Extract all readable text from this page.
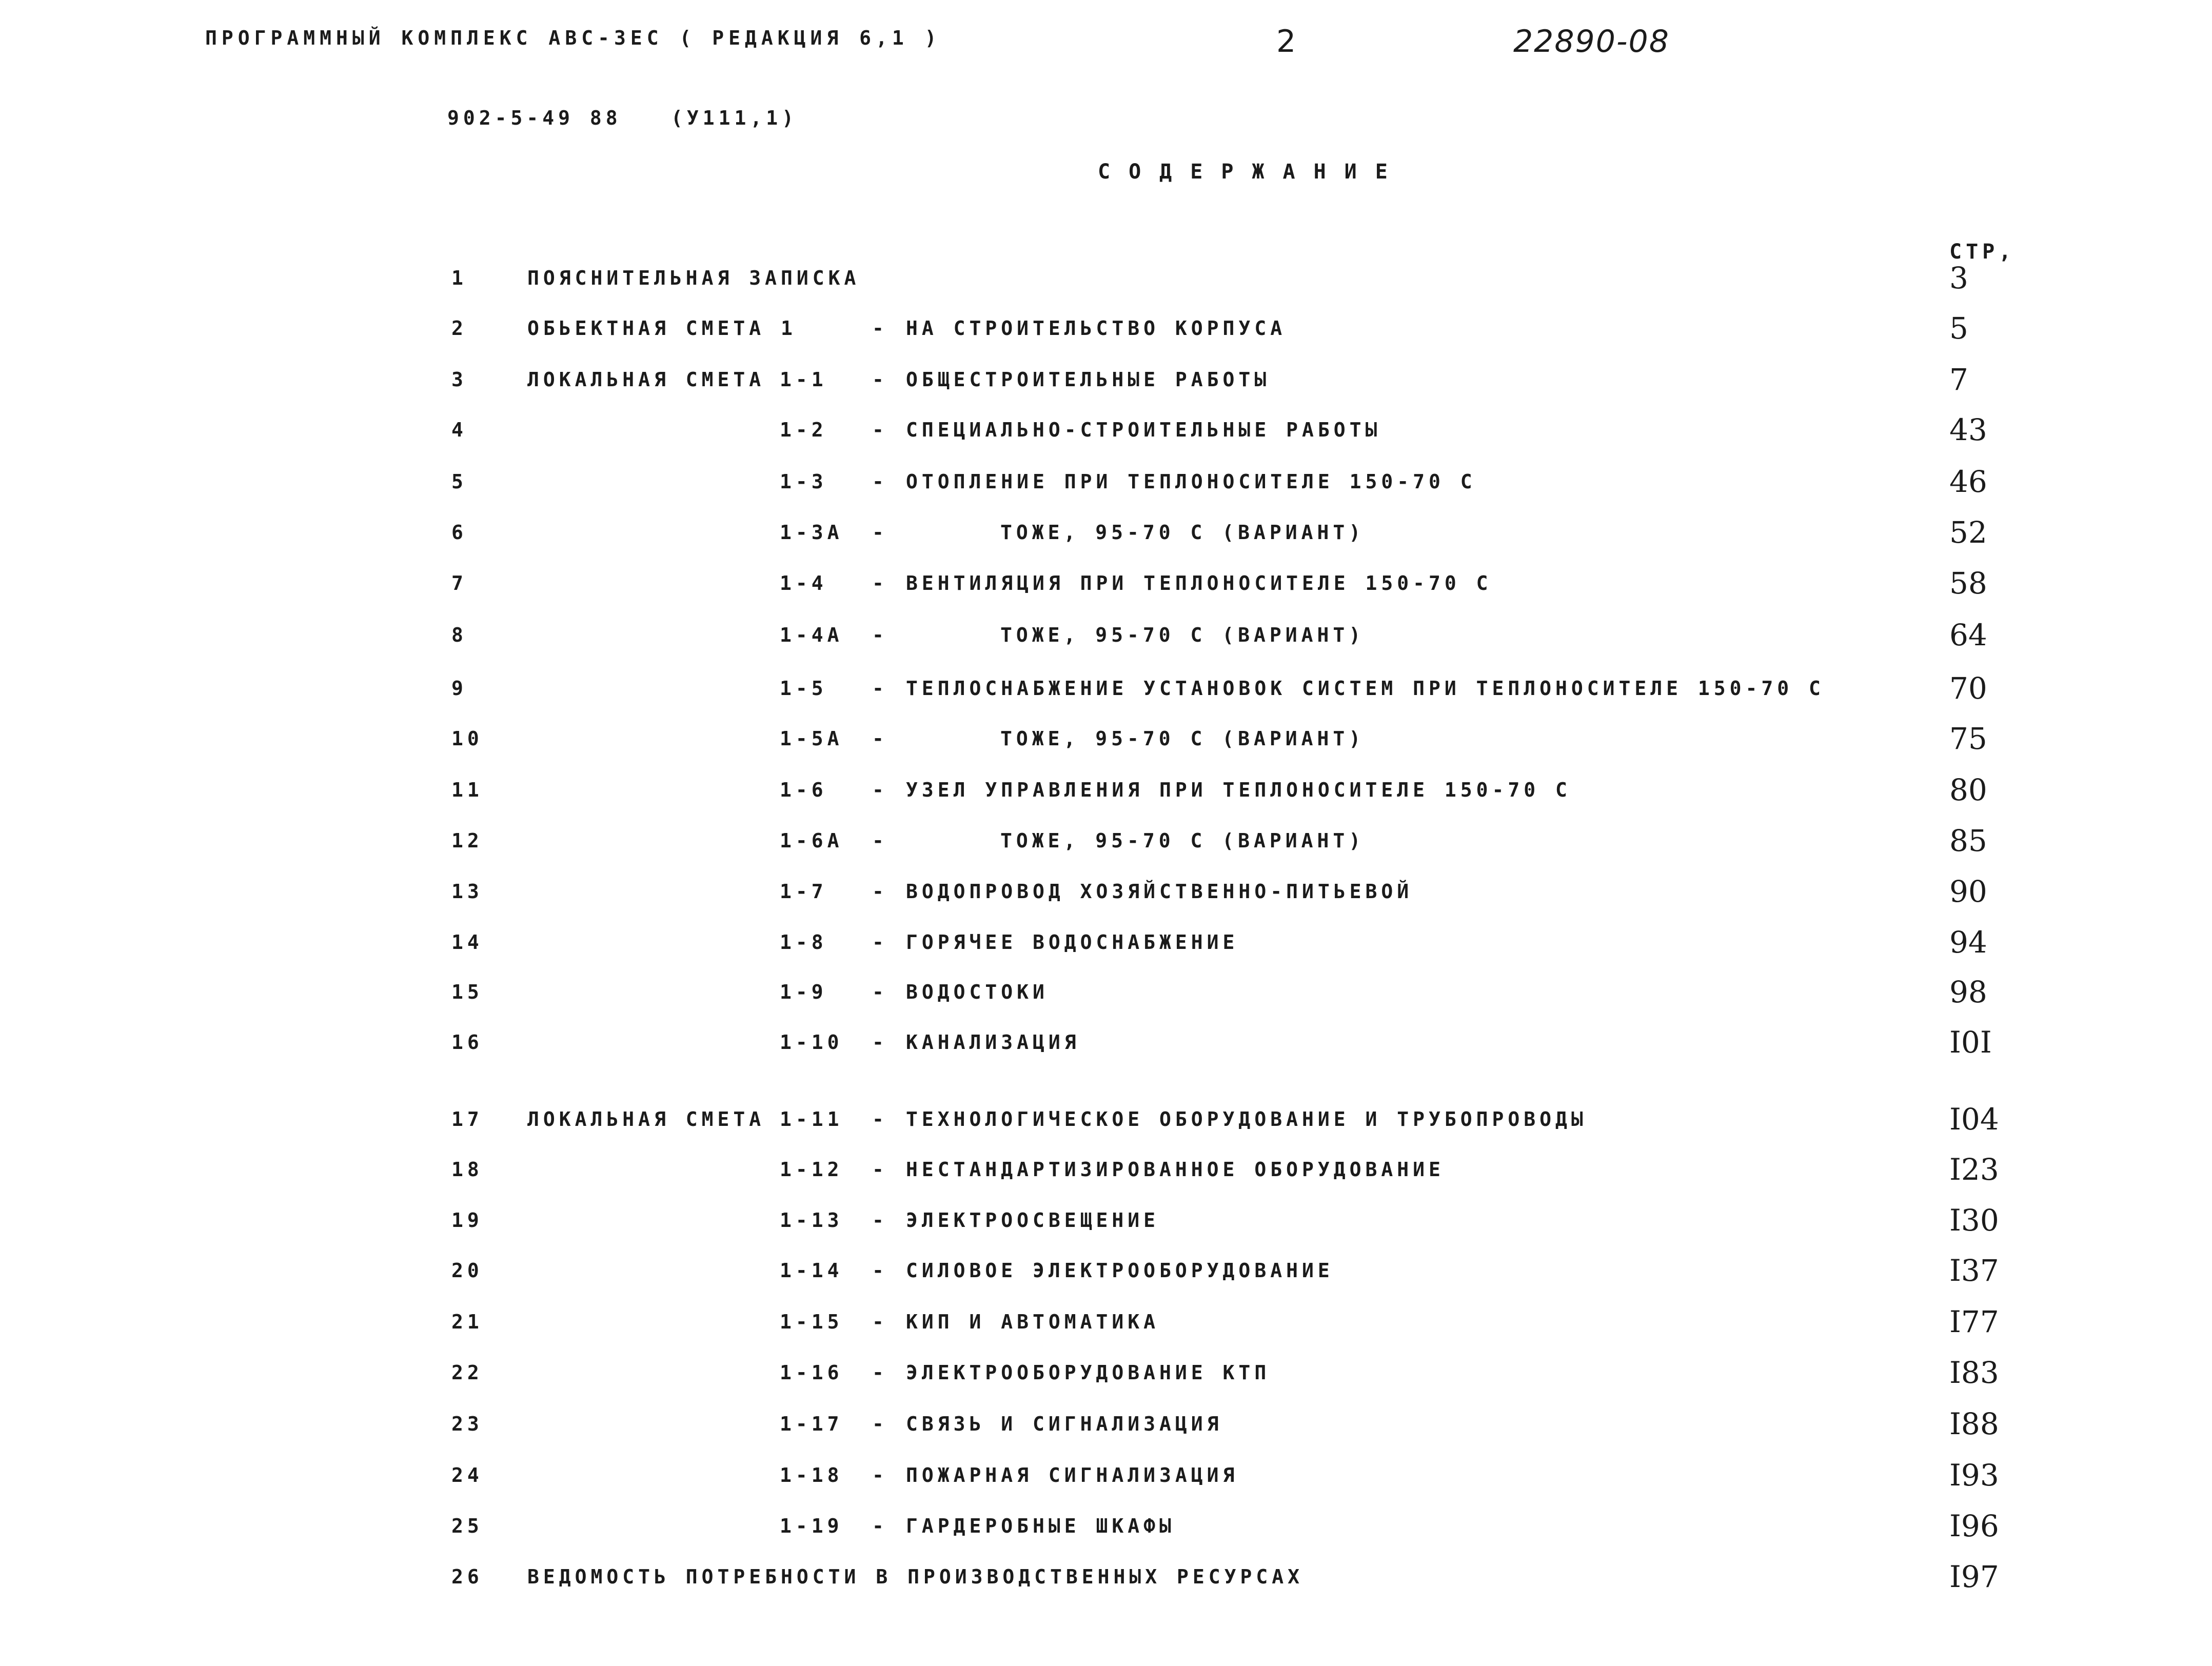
ПРОГРАММНЫЙ КОМПЛЕКС АВС-3ЕС ( РЕДАКЦИЯ 6,1 )	2	22890-08
902-5-49 88	(У111,1)
СОДЕРЖАНИЕ
СТР,
1	ПОЯСНИТЕЛЬНАЯ ЗАПИСКА	3
2	ОБЬЕКТНАЯ СМЕТА 1	- НА СТРОИТЕЛЬСТВО КОРПУСА	5
3	ЛОКАЛЬНАЯ СМЕТА 1-1 - ОБЩЕСТРОИТЕЛЬНЫЕ РАБОТЫ	7
4	1-2 - СПЕЦИАЛЬНО-СТРОИТЕЛЬНЫЕ РАБОТЫ	43
5	1-3 - ОТОПЛЕНИЕ ПРИ ТЕПЛОНОСИТЕЛЕ 150-70 С	46
6	1-3А -	ТОЖЕ, 95-70 С (ВАРИАНТ)	52
7	1-4 - ВЕНТИЛЯЦИЯ ПРИ ТЕПЛОНОСИТЕЛЕ 150-70 С	58
8	1-4А -	ТОЖЕ, 95-70 С (ВАРИАНТ)	64
9	1-5 - ТЕПЛОСНАБЖЕНИЕ УСТАНОВОК СИСТЕМ ПРИ ТЕПЛОНОСИТЕЛЕ 150-70 С	70
10	1-5А -	ТОЖЕ, 95-70 С (ВАРИАНТ)	75
11	1-6 - УЗЕЛ УПРАВЛЕНИЯ ПРИ ТЕПЛОНОСИТЕЛЕ 150-70 С	80
12	1-6А -	ТОЖЕ, 95-70 С (ВАРИАНТ)	85
13	1-7 - ВОДОПРОВОД ХОЗЯЙСТВЕННО-ПИТЬЕВОЙ	90
14	1-8 - ГОРЯЧЕЕ ВОДОСНАБЖЕНИЕ	94
15	1-9 - ВОДОСТОКИ	98
16	1-10 - КАНАЛИЗАЦИЯ	I0I
17 ЛОКАЛЬНАЯ СМЕТА 1-11 - ТЕХНОЛОГИЧЕСКОЕ ОБОРУДОВАНИЕ И ТРУБОПРОВОДЫ	I04
18	1-12 - НЕСТАНДАРТИЗИРОВАННОЕ ОБОРУДОВАНИЕ	I23
19	1-13 - ЭЛЕКТРООСВЕЩЕНИЕ	I30
20	1-14 - СИЛОВОЕ ЭЛЕКТРООБОРУДОВАНИЕ	I37
21	1-15 - КИП И АВТОМАТИКА	I77
22	1-16 - ЭЛЕКТРООБОРУДОВАНИЕ КТП	I83
23	1-17 - СВЯЗЬ И СИГНАЛИЗАЦИЯ	I88
24	1-18 - ПОЖАРНАЯ СИГНАЛИЗАЦИЯ	I93
25	1-19 - ГАРДЕРОБНЫЕ ШКАФЫ	I96
26 ВЕДОМОСТЬ ПОТРЕБНОСТИ В ПРОИЗВОДСТВЕННЫХ РЕСУРСАХ	I97
